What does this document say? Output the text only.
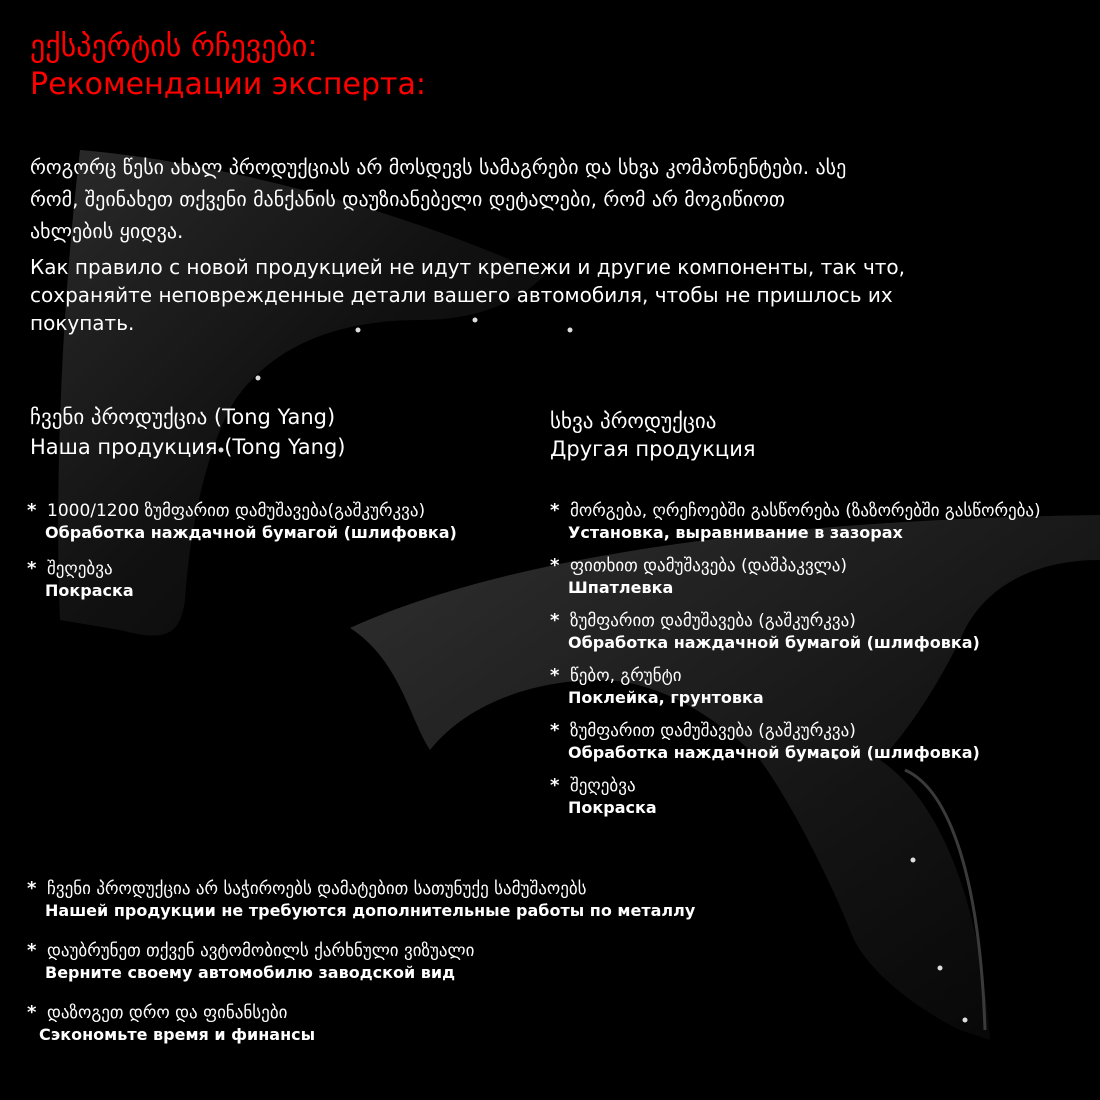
ექსპერტის რჩევები:
Рекомендации эксперта:
როგორც წესი ახალ პროდუქციას არ მოსდევს სამაგრები და სხვა კომპონენტები. ასე
რომ, შეინახეთ თქვენი მანქანის დაუზიანებელი დეტალები, რომ არ მოგიწიოთ
ახლების ყიდვა.
Как правило с новой продукцией не идут крепежи и другие компоненты, так что,
сохраняйте неповрежденные детали вашего автомобиля, чтобы не пришлось их
покупать.
ჩვენი პროდუქცია (Tong Yang)
Наша продукция (Tong Yang)
სხვა პროდუქცია
Другая продукция
* 1000/1200 ზუმფარით დამუშავება(გაშკურკვა)
Обработка наждачной бумагой (шлифовка)
* შეღებვა
Покраска
* მორგება, ღრეჩოებში გასწორება (ზაზორებში გასწორება)
Установка, выравнивание в зазорах
* ფითხით დამუშავება (დაშპაკვლა)
Шпатлевка
* ზუმფარით დამუშავება (გაშკურკვა)
Обработка наждачной бумагой (шлифовка)
* წებო, გრუნტი
Поклейка, грунтовка
* ზუმფარით დამუშავება (გაშკურკვა)
Обработка наждачной бумагой (шлифовка)
* შეღებვა
Покраска
* ჩვენი პროდუქცია არ საჭიროებს დამატებით სათუნუქე სამუშაოებს
Нашей продукции не требуются дополнительные работы по металлу
* დაუბრუნეთ თქვენ ავტომობილს ქარხნული ვიზუალი
Верните своему автомобилю заводской вид
* დაზოგეთ დრო და ფინანსები
Сэкономьте время и финансы
